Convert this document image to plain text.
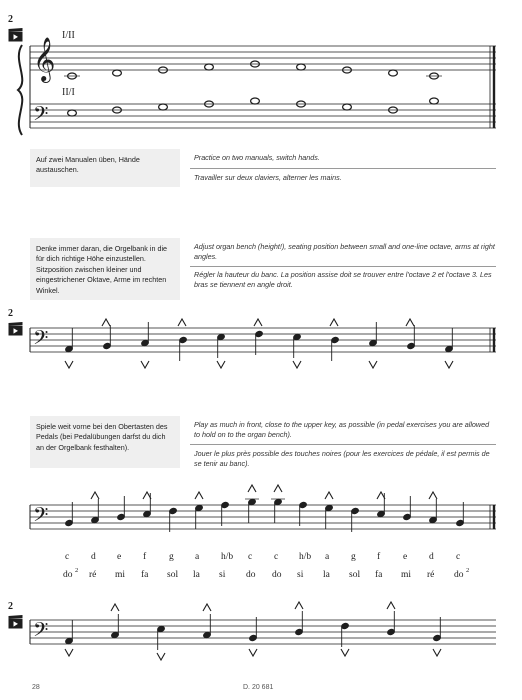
2
I/II
II/I
𝄞
𝄢
Auf zwei Manualen üben, Hände austauschen.
Practice on two manuals, switch hands.
Travailler sur deux claviers, alterner les mains.
Denke immer daran, die Orgelbank in die für dich richtige Höhe einzustellen. Sitzposition zwischen kleiner und eingestrichener Oktave, Arme im rechten Winkel.
Adjust organ bench (height!), seating position between small and one-line octave, arms at right angles.
Régler la hauteur du banc. La position assise doit se trouver entre l'octave 2 et l'octave 3. Les bras se tiennent en angle droit.
2
𝄢
Spiele weit vorne bei den Obertasten des Pedals (bei Pedalübungen darfst du dich an der Orgelbank festhalten).
Play as much in front, close to the upper key, as possible (in pedal exercises you are allowed to hold on to the organ bench).
Jouer le plus près possible des touches noires (pour les exercices de pédale, il est permis de se tenir au banc).
𝄢
c d e f g a h/b c c h/b a g f e d c
do 2 ré mi fa sol la si do do si la sol fa mi ré do 2
2
𝄢
28	D. 20 681
